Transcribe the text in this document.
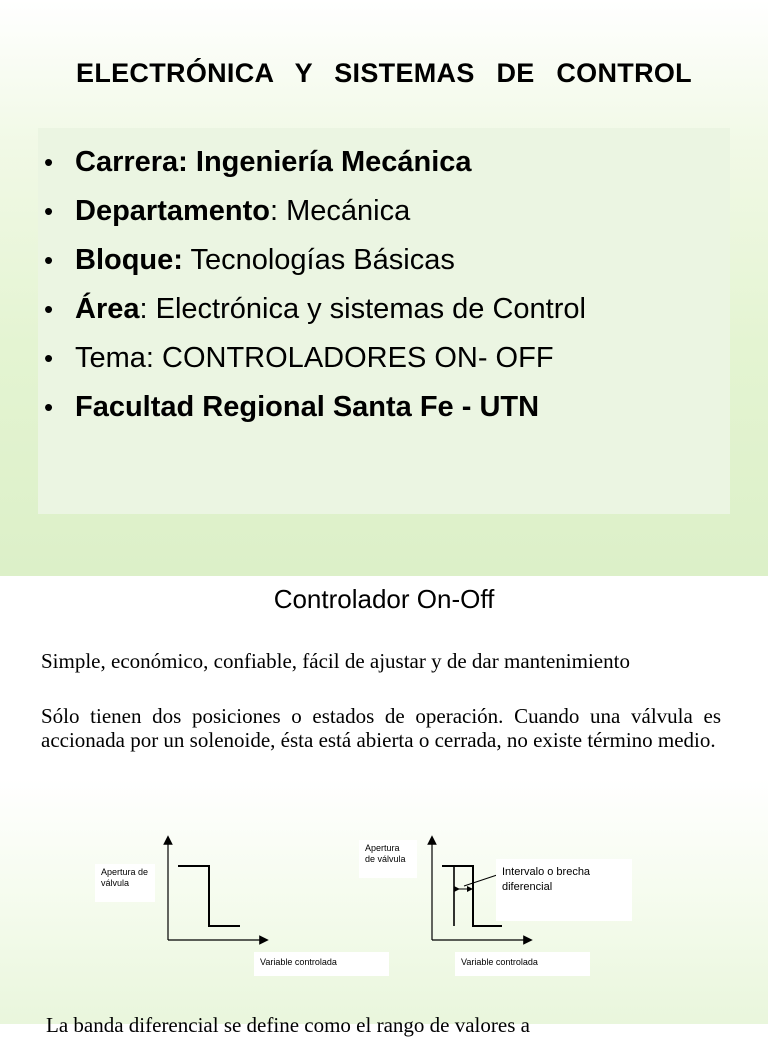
ELECTRÓNICA Y SISTEMAS DE CONTROL
• Carrera: Ingeniería Mecánica
• Departamento: Mecánica
• Bloque: Tecnologías Básicas
• Área: Electrónica y sistemas de Control
• Tema: CONTROLADORES ON- OFF
• Facultad Regional Santa Fe - UTN
Controlador On-Off

Simple, económico, confiable, fácil de ajustar y de dar mantenimiento

Sólo tienen dos posiciones o estados de operación. Cuando una válvula es accionada por un solenoide, ésta está abierta o cerrada, no existe término medio.

Apertura de válvula
Variable controlada
Apertura de válvula
Intervalo o brecha diferencial
Variable controlada
La banda diferencial se define como el rango de valores a
